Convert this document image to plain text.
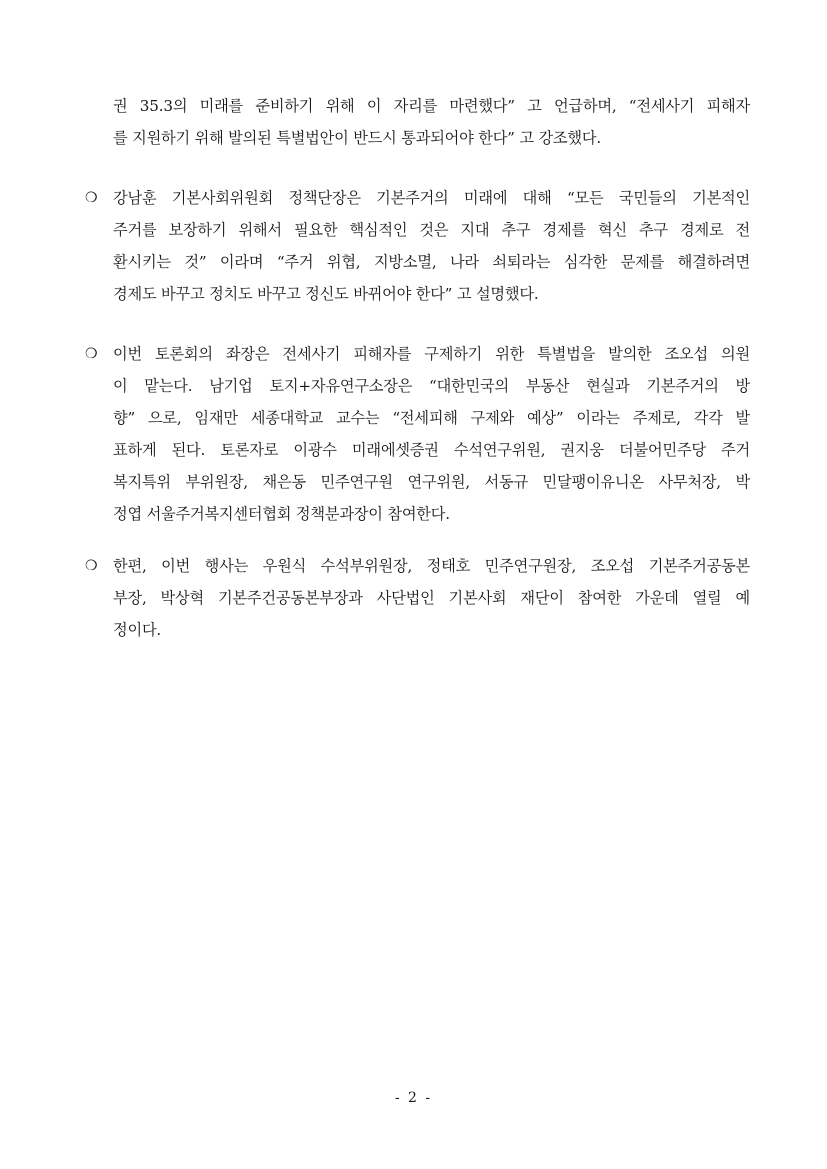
권 35.3의 미래를 준비하기 위해 이 자리를 마련했다” 고 언급하며, “전세사기 피해자
를 지원하기 위해 발의된 특별법안이 반드시 통과되어야 한다” 고 강조했다.
❍	강남훈 기본사회위원회 정책단장은 기본주거의 미래에 대해 “모든 국민들의 기본적인
주거를 보장하기 위해서 필요한 핵심적인 것은 지대 추구 경제를 혁신 추구 경제로 전
환시키는 것” 이라며 “주거 위협, 지방소멸, 나라 쇠퇴라는 심각한 문제를 해결하려면
경제도 바꾸고 정치도 바꾸고 정신도 바뀌어야 한다” 고 설명했다.
❍	이번 토론회의 좌장은 전세사기 피해자를 구제하기 위한 특별법을 발의한 조오섭 의원
이 맡는다. 남기업 토지+자유연구소장은 “대한민국의 부동산 현실과 기본주거의 방
향” 으로, 임재만 세종대학교 교수는 “전세피해 구제와 예상” 이라는 주제로, 각각 발
표하게 된다. 토론자로 이광수 미래에셋증권 수석연구위원, 권지웅 더불어민주당 주거
복지특위 부위원장, 채은동 민주연구원 연구위원, 서동규 민달팽이유니온 사무처장, 박
정엽 서울주거복지센터협회 정책분과장이 참여한다.
❍	한편, 이번 행사는 우원식 수석부위원장, 정태호 민주연구원장, 조오섭 기본주거공동본
부장, 박상혁 기본주건공동본부장과 사단법인 기본사회 재단이 참여한 가운데 열릴 예
정이다.
- 2 -
